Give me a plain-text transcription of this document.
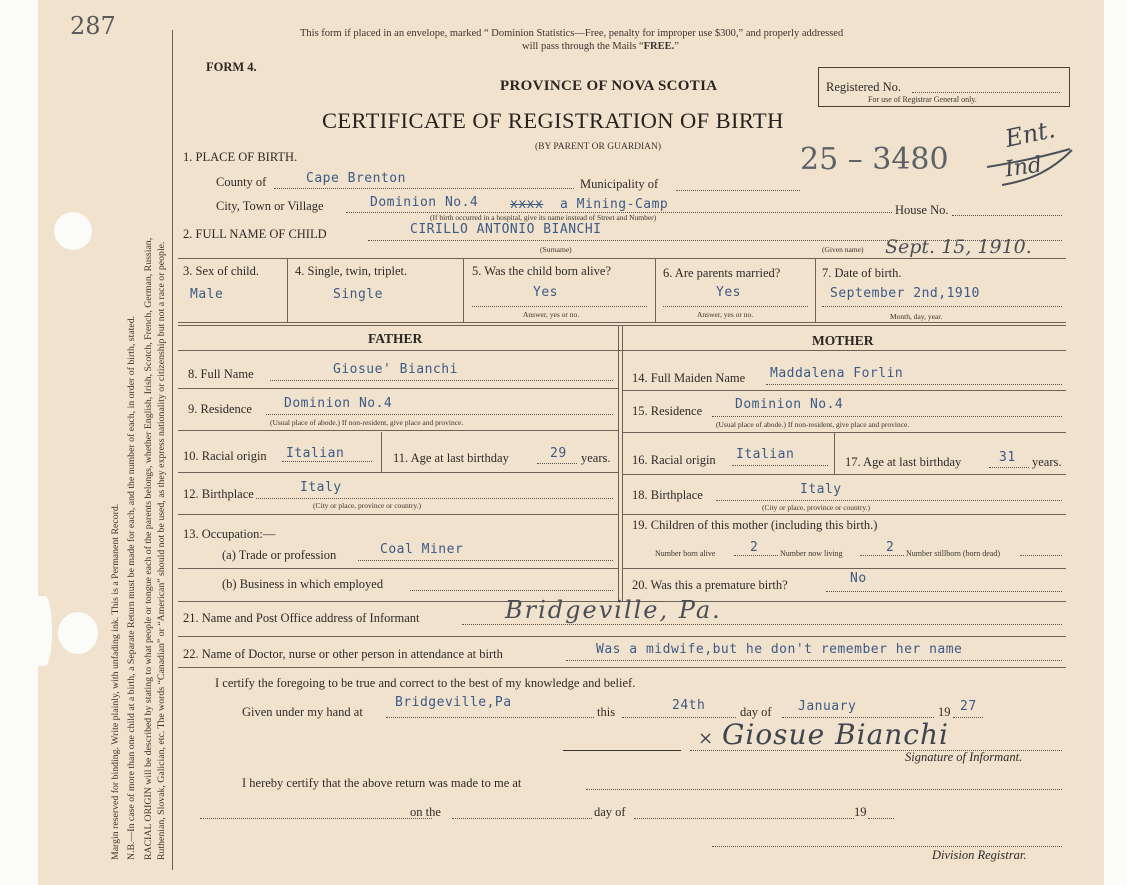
Margin reserved for binding. Write plainly, with unfading ink. This is a Permanent Record. N.B.—In case of more than one child at a birth, a Separate Return must be made for each, and the number of each, in order of birth, stated. RACIAL ORIGIN will be described by stating to what people or tongue each of the parents belongs, whether English, Irish, Scotch, French, German, Russian, Ruthenian, Slovak, Galician, etc. The words “Canadian” or “American” should not be used, as they express nationality or citizenship but not a race or people.
287	This form if placed in an envelope, marked “ Dominion Statistics—Free, penalty for improper use $300,” and properly addressed
will pass through the Mails “FREE.”
FORM 4.
PROVINCE OF NOVA SCOTIA	Registered No.
For use of Registrar General only.
CERTIFICATE OF REGISTRATION OF BIRTH
(BY PARENT OR GUARDIAN)	25 – 3480
Ent.
Ind
1. PLACE OF BIRTH.
County of	Cape Brenton	Municipality of
City, Town or Village	Dominion No.4 xxxx a Mining-Camp
(If birth occurred in a hospital, give its name instead of Street and Number)
House No.
2. FULL NAME OF CHILD	CIRILLO ANTONIO BIANCHI
(Surname)	(Given name) Sept. 15, 1910.
3. Sex of child.
Male
4. Single, twin, triplet.
Single
5. Was the child born alive?
Yes
Answer, yes or no.
6. Are parents married?
Yes
Answer, yes or no.
7. Date of birth.
September 2nd,1910
Month, day, year.
FATHER	MOTHER
8. Full Name	Giosue' Bianchi
9. Residence Dominion No.4
(Usual place of abode.) If non-resident, give place and province.
10. Racial origin Italian	11. Age at last birthday	29 years.
12. Birthplace	Italy
(City or place, province or country.)
13. Occupation:—
(a) Trade or profession	Coal Miner
(b) Business in which employed
14. Full Maiden Name Maddalena Forlin
15. Residence	Dominion No.4
(Usual place of abode.) If non-resident, give place and province.
16. Racial origin Italian	17. Age at last birthday	31 years.
18. Birthplace	Italy
(City or place, province or country.)
19. Children of this mother (including this birth.)
Number born alive	2	Number now living	2 Number stillborn (born dead)
20. Was this a premature birth?	No
21. Name and Post Office address of Informant	Bridgeville, Pa.
22. Name of Doctor, nurse or other person in attendance at birth	Was a midwife,but he don't remember her name
I certify the foregoing to be true and correct to the best of my knowledge and belief.
Given under my hand at
Bridgeville,Pa
this	24th	day of January	19 27
× Giosue Bianchi
Signature of Informant.
I hereby certify that the above return was made to me at
on the	day of	19
Division Registrar.
